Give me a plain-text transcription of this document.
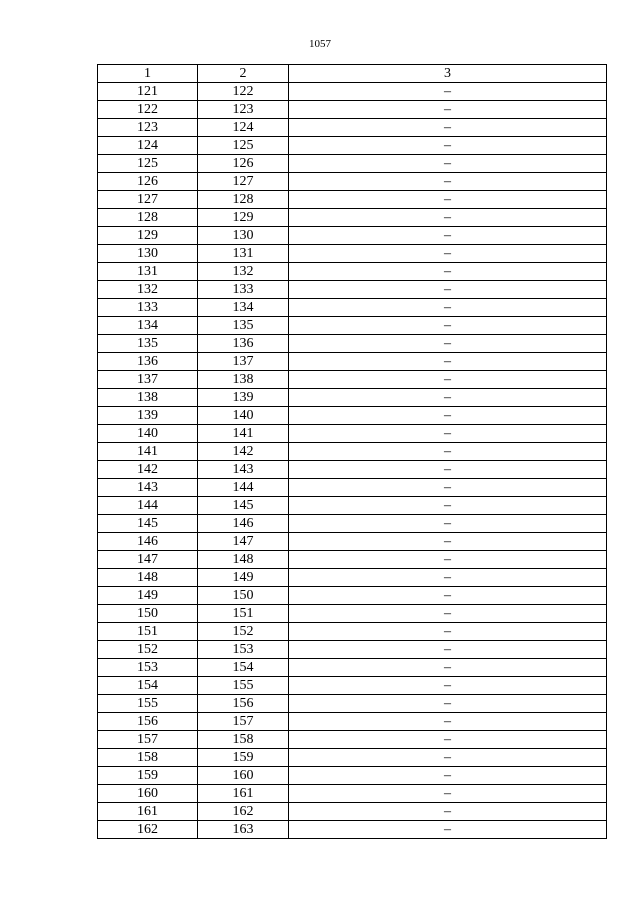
1057
1	2	3
121	122	–
122	123	–
123	124	–
124	125	–
125	126	–
126	127	–
127	128	–
128	129	–
129	130	–
130	131	–
131	132	–
132	133	–
133	134	–
134	135	–
135	136	–
136	137	–
137	138	–
138	139	–
139	140	–
140	141	–
141	142	–
142	143	–
143	144	–
144	145	–
145	146	–
146	147	–
147	148	–
148	149	–
149	150	–
150	151	–
151	152	–
152	153	–
153	154	–
154	155	–
155	156	–
156	157	–
157	158	–
158	159	–
159	160	–
160	161	–
161	162	–
162	163	–
